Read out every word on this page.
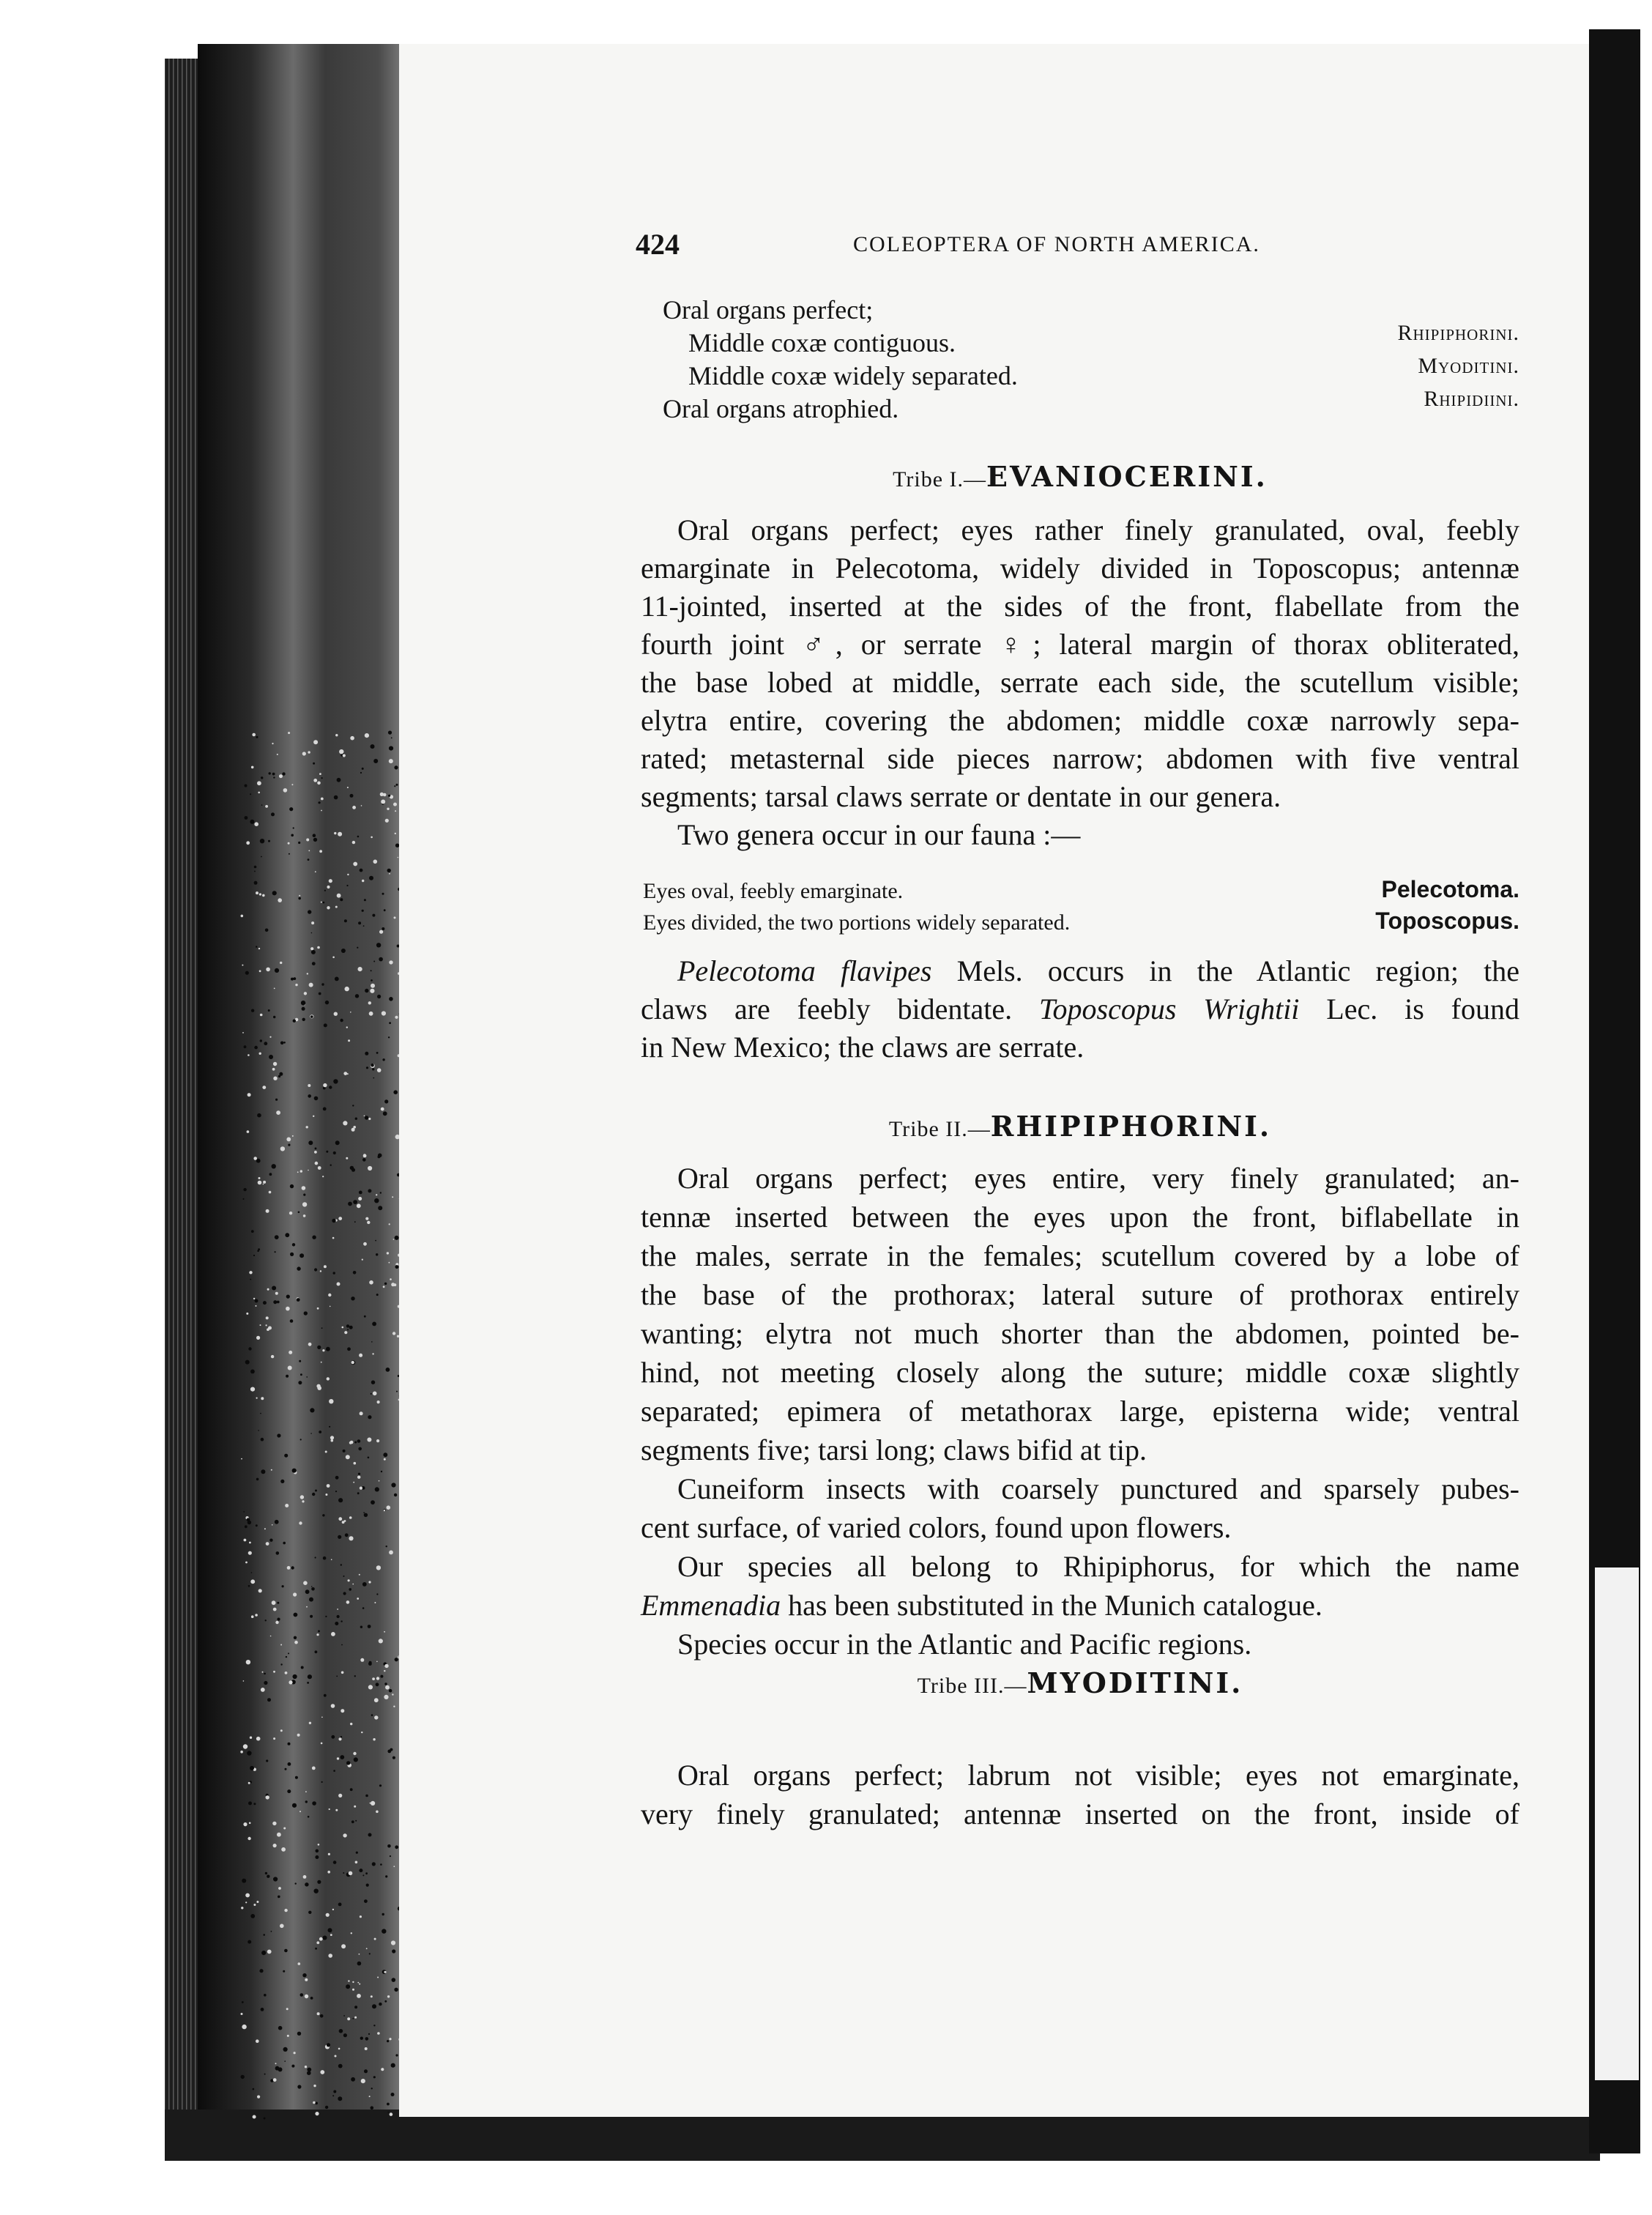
424	COLEOPTERA OF NORTH AMERICA.
Oral organs perfect;
Middle coxæ contiguous.
Middle coxæ widely separated.
Oral organs atrophied.
Rhipiphorini.
Myoditini.
Rhipidiini.
Tribe I.—EVANIOCERINI.
Oral organs perfect; eyes rather finely granulated, oval, feebly
emarginate in Pelecotoma, widely divided in Toposcopus; antennæ
11-jointed, inserted at the sides of the front, flabellate from the
fourth joint ♂, or serrate ♀; lateral margin of thorax obliterated,
the base lobed at middle, serrate each side, the scutellum visible;
elytra entire, covering the abdomen; middle coxæ narrowly sepa-
rated; metasternal side pieces narrow; abdomen with five ventral
segments; tarsal claws serrate or dentate in our genera.
Two genera occur in our fauna :—
Eyes oval, feebly emarginate.
Eyes divided, the two portions widely separated.
Pelecotoma.
Toposcopus.
Pelecotoma flavipes Mels. occurs in the Atlantic region; the
claws are feebly bidentate. Toposcopus Wrightii Lec. is found
in New Mexico; the claws are serrate.
Tribe II.—RHIPIPHORINI.
Oral organs perfect; eyes entire, very finely granulated; an-
tennæ inserted between the eyes upon the front, biflabellate in
the males, serrate in the females; scutellum covered by a lobe of
the base of the prothorax; lateral suture of prothorax entirely
wanting; elytra not much shorter than the abdomen, pointed be-
hind, not meeting closely along the suture; middle coxæ slightly
separated; epimera of metathorax large, episterna wide; ventral
segments five; tarsi long; claws bifid at tip.
Cuneiform insects with coarsely punctured and sparsely pubes-
cent surface, of varied colors, found upon flowers.
Our species all belong to Rhipiphorus, for which the name
Emmenadia has been substituted in the Munich catalogue.
Species occur in the Atlantic and Pacific regions.
Tribe III.—MYODITINI.
Oral organs perfect; labrum not visible; eyes not emarginate,
very finely granulated; antennæ inserted on the front, inside of
